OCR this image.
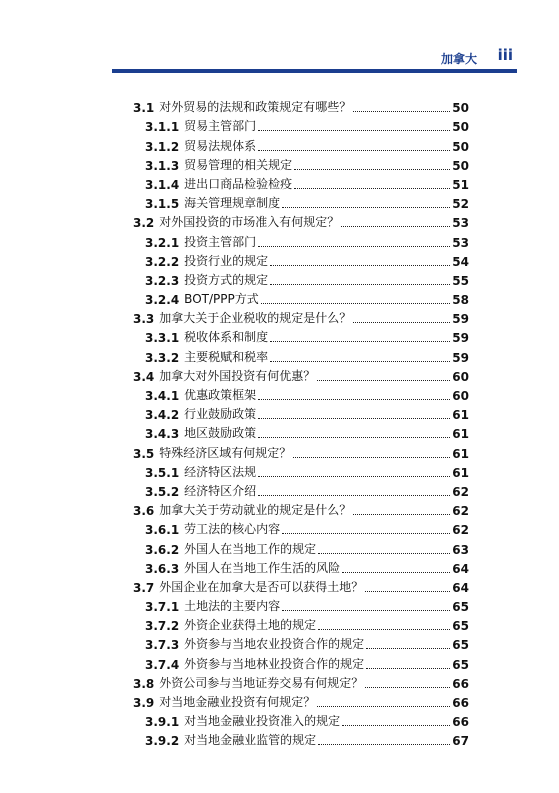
加拿大 iii
3.1 对外贸易的法规和政策规定有哪些？	50
3.1.1 贸易主管部门	50
3.1.2 贸易法规体系	50
3.1.3 贸易管理的相关规定	50
3.1.4 进出口商品检验检疫	51
3.1.5 海关管理规章制度	52
3.2 对外国投资的市场准入有何规定？	53
3.2.1 投资主管部门	53
3.2.2 投资行业的规定	54
3.2.3 投资方式的规定	55
3.2.4 BOT/PPP方式	58
3.3 加拿大关于企业税收的规定是什么？	59
3.3.1 税收体系和制度	59
3.3.2 主要税赋和税率	59
3.4 加拿大对外国投资有何优惠？	60
3.4.1 优惠政策框架	60
3.4.2 行业鼓励政策	61
3.4.3 地区鼓励政策	61
3.5 特殊经济区域有何规定？	61
3.5.1 经济特区法规	61
3.5.2 经济特区介绍	62
3.6 加拿大关于劳动就业的规定是什么？	62
3.6.1 劳工法的核心内容	62
3.6.2 外国人在当地工作的规定	63
3.6.3 外国人在当地工作生活的风险	64
3.7 外国企业在加拿大是否可以获得土地？	64
3.7.1 土地法的主要内容	65
3.7.2 外资企业获得土地的规定	65
3.7.3 外资参与当地农业投资合作的规定	65
3.7.4 外资参与当地林业投资合作的规定	65
3.8 外资公司参与当地证券交易有何规定？	66
3.9 对当地金融业投资有何规定？	66
3.9.1 对当地金融业投资准入的规定	66
3.9.2 对当地金融业监管的规定	67
